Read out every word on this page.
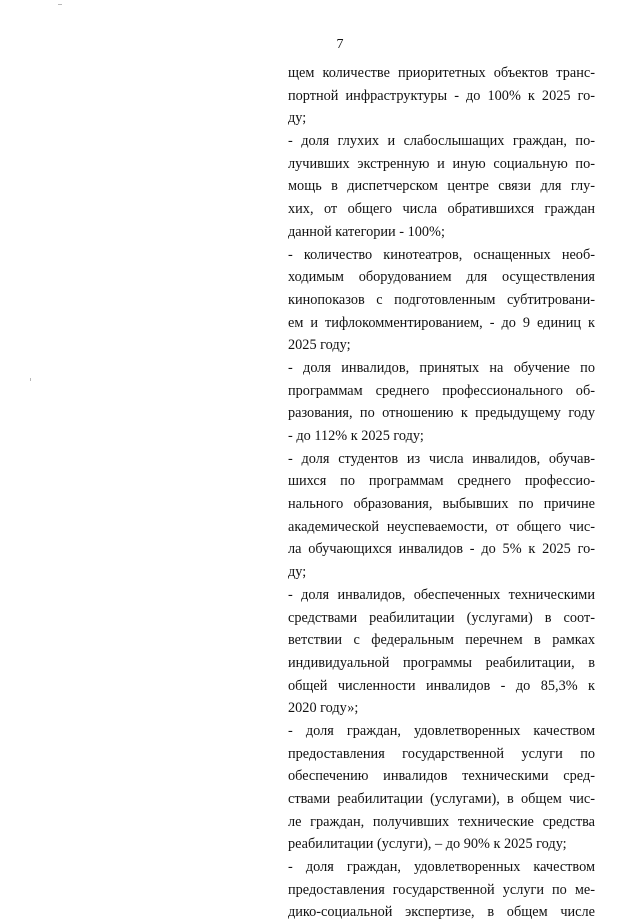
7
щем количестве приоритетных объектов транс-
портной инфраструктуры - до 100% к 2025 го-
ду;
- доля глухих и слабослышащих граждан, по-
лучивших экстренную и иную социальную по-
мощь в диспетчерском центре связи для глу-
хих, от общего числа обратившихся граждан
данной категории - 100%;
- количество кинотеатров, оснащенных необ-
ходимым оборудованием для осуществления
кинопоказов с подготовленным субтитровани-
ем и тифлокомментированием, - до 9 единиц к
2025 году;
- доля инвалидов, принятых на обучение по
программам среднего профессионального об-
разования, по отношению к предыдущему году
- до 112% к 2025 году;
- доля студентов из числа инвалидов, обучав-
шихся по программам среднего профессио-
нального образования, выбывших по причине
академической неуспеваемости, от общего чис-
ла обучающихся инвалидов - до 5% к 2025 го-
ду;
- доля инвалидов, обеспеченных техническими
средствами реабилитации (услугами) в соот-
ветствии с федеральным перечнем в рамках
индивидуальной программы реабилитации, в
общей численности инвалидов - до 85,3% к
2020 году»;
- доля граждан, удовлетворенных качеством
предоставления государственной услуги по
обеспечению инвалидов техническими сред-
ствами реабилитации (услугами), в общем чис-
ле граждан, получивших технические средства
реабилитации (услуги), – до 90% к 2025 году;
- доля граждан, удовлетворенных качеством
предоставления государственной услуги по ме-
дико-социальной экспертизе, в общем числе
